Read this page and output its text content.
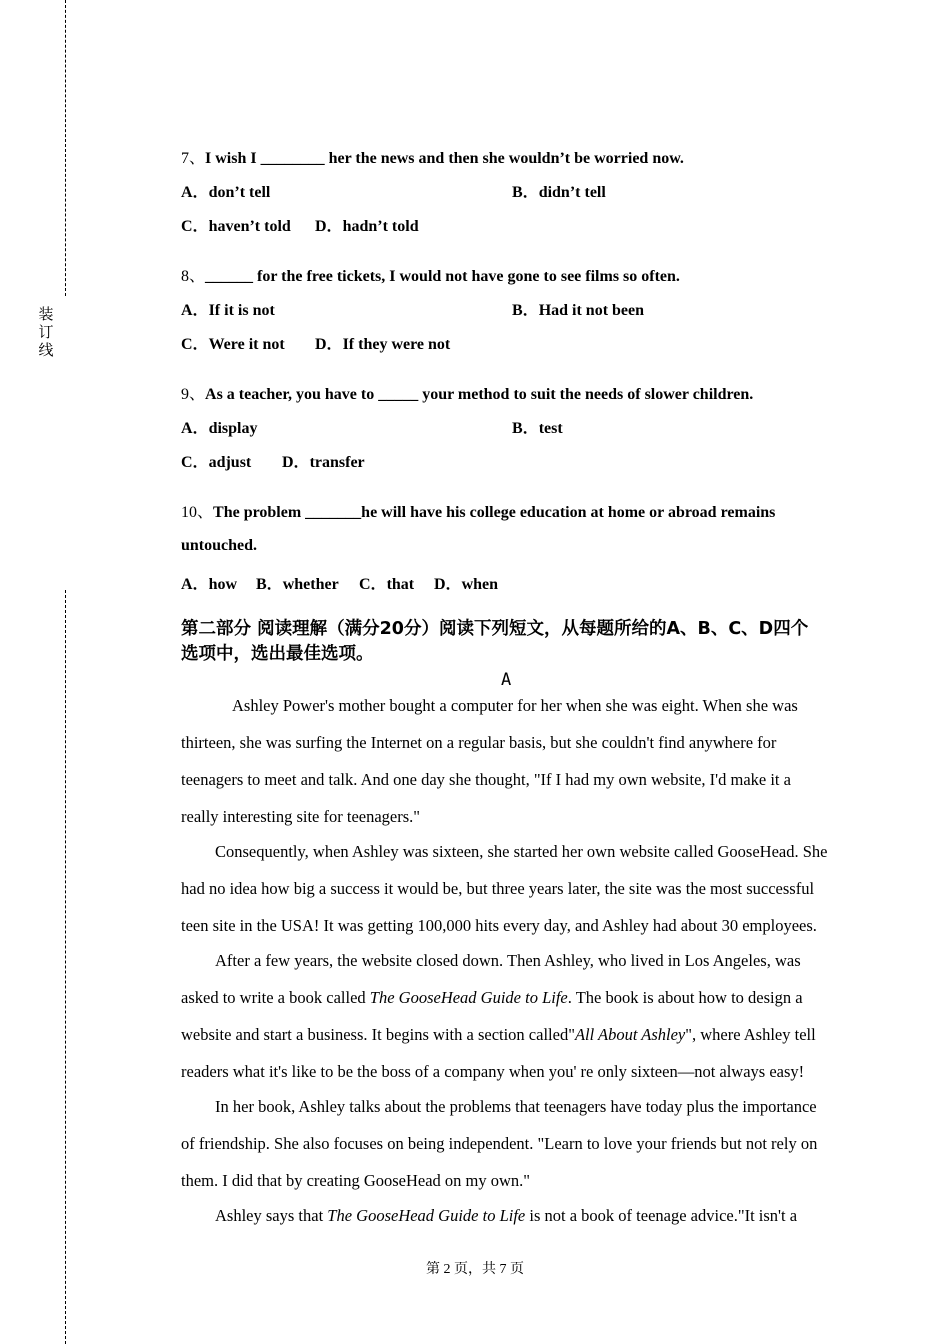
装
订
线
7、I wish I ________ her the news and then she wouldn’t be worried now.
A．don’t tell	B．didn’t tell
C．haven’t told D．hadn’t told
8、______ for the free tickets, I would not have gone to see films so often.
A．If it is not	B．Had it not been
C．Were it not D．If they were not
9、As a teacher, you have to _____ your method to suit the needs of slower children.
A．display	B．test
C．adjust D．transfer
10、The problem _______he will have his college education at home or abroad remains
untouched.
A．how B．whether C．that D．when
第二部分 阅读理解（满分20分）阅读下列短文，从每题所给的A、B、C、D四个
选项中，选出最佳选项。
A
Ashley Power's mother bought a computer for her when she was eight. When she was
thirteen, she was surfing the Internet on a regular basis, but she couldn't find anywhere for
teenagers to meet and talk. And one day she thought, "If I had my own website, I'd make it a
really interesting site for teenagers."
Consequently, when Ashley was sixteen, she started her own website called GooseHead. She
had no idea how big a success it would be, but three years later, the site was the most successful
teen site in the USA! It was getting 100,000 hits every day, and Ashley had about 30 employees.
After a few years, the website closed down. Then Ashley, who lived in Los Angeles, was
asked to write a book called The GooseHead Guide to Life. The book is about how to design a
website and start a business. It begins with a section called"All About Ashley", where Ashley tell
readers what it's like to be the boss of a company when you' re only sixteen—not always easy!
In her book, Ashley talks about the problems that teenagers have today plus the importance
of friendship. She also focuses on being independent. "Learn to love your friends but not rely on
them. I did that by creating GooseHead on my own."
Ashley says that The GooseHead Guide to Life is not a book of teenage advice."It isn't a
第 2 页，共 7 页
